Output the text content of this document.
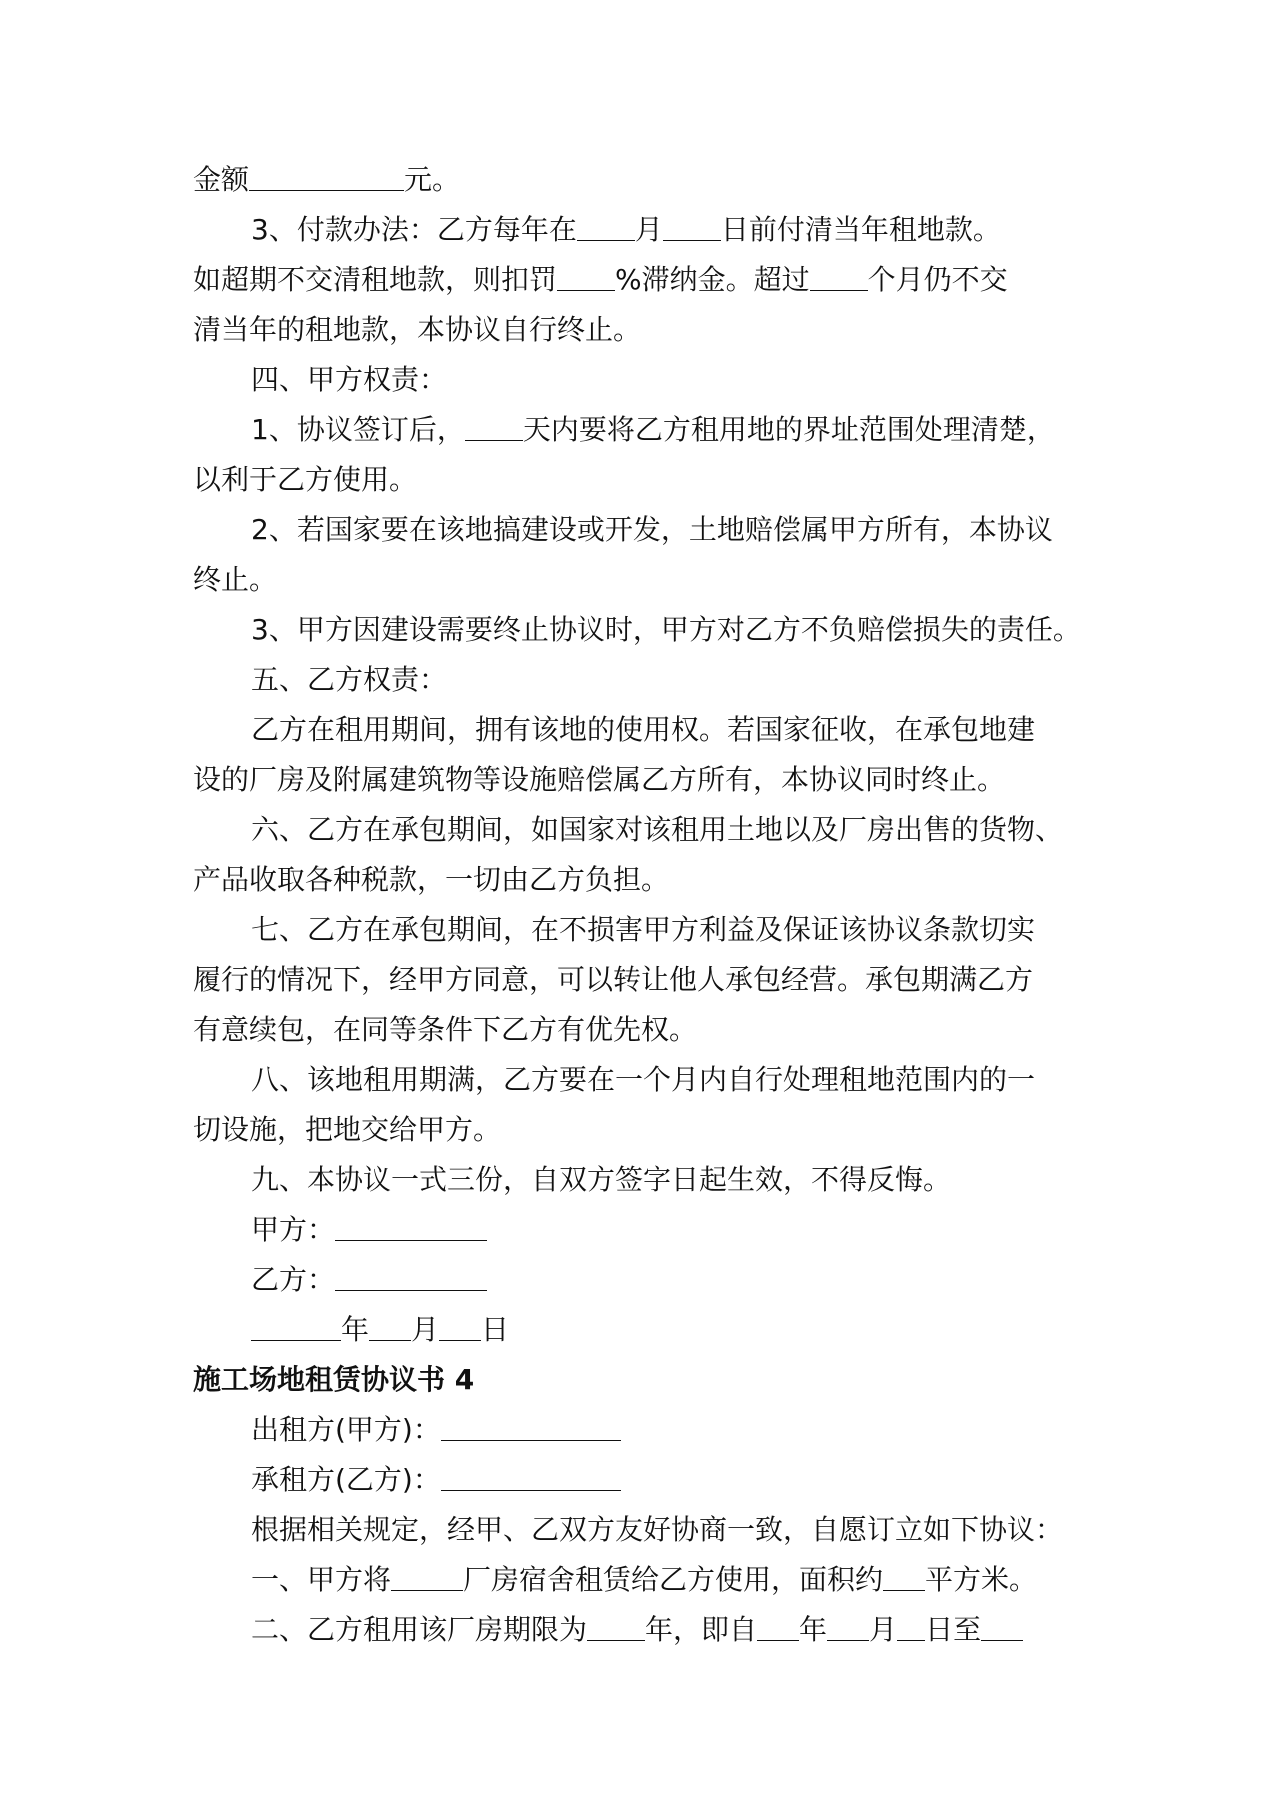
金额	元。
3、付款办法：乙方每年在 月 日前付清当年租地款。
如超期不交清租地款，则扣罚 %滞纳金。超过 个月仍不交
清当年的租地款，本协议自行终止。
四、甲方权责：
1、协议签订后， 天内要将乙方租用地的界址范围处理清楚，
以利于乙方使用。
2、若国家要在该地搞建设或开发，土地赔偿属甲方所有，本协议
终止。
3、甲方因建设需要终止协议时，甲方对乙方不负赔偿损失的责任。
五、乙方权责：
乙方在租用期间，拥有该地的使用权。若国家征收，在承包地建
设的厂房及附属建筑物等设施赔偿属乙方所有，本协议同时终止。
六、乙方在承包期间，如国家对该租用土地以及厂房出售的货物、
产品收取各种税款，一切由乙方负担。
七、乙方在承包期间，在不损害甲方利益及保证该协议条款切实
履行的情况下，经甲方同意，可以转让他人承包经营。承包期满乙方
有意续包，在同等条件下乙方有优先权。
八、该地租用期满，乙方要在一个月内自行处理租地范围内的一
切设施，把地交给甲方。
九、本协议一式三份，自双方签字日起生效，不得反悔。
甲方：
乙方：
年 月 日
施工场地租赁协议书 4
出租方(甲方)：
承租方(乙方)：
根据相关规定，经甲、乙双方友好协商一致，自愿订立如下协议：
一、甲方将	厂房宿舍租赁给乙方使用，面积约 平方米。
二、乙方租用该厂房期限为 年，即自 年 月 日至
